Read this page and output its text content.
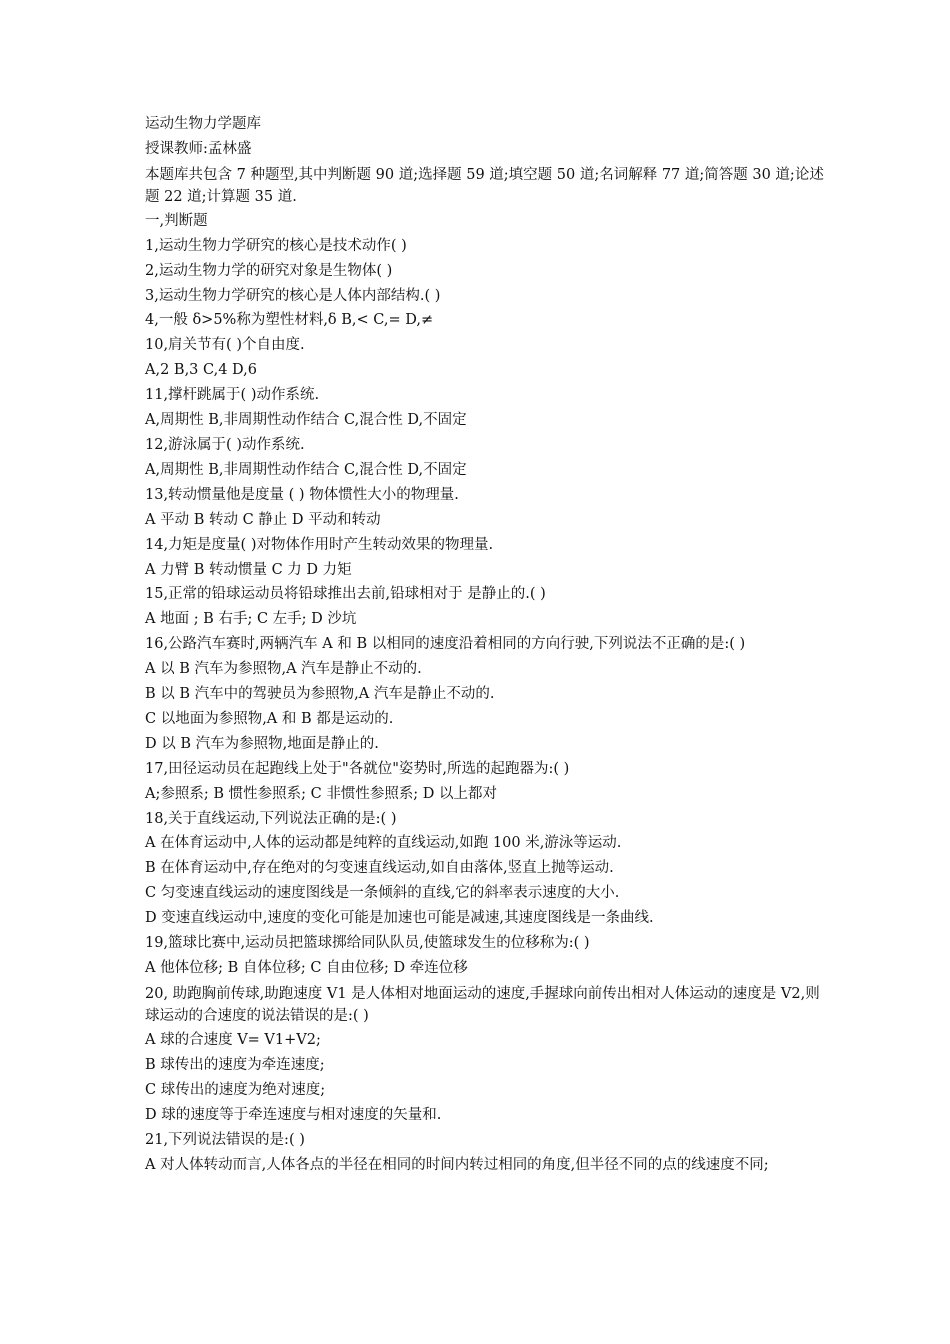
运动生物力学题库
授课教师:孟林盛
本题库共包含 7 种题型,其中判断题 90 道;选择题 59 道;填空题 50 道;名词解释 77 道;简答题 30 道;论述题 22 道;计算题 35 道.
一,判断题
1,运动生物力学研究的核心是技术动作( )
2,运动生物力学的研究对象是生物体( )
3,运动生物力学研究的核心是人体内部结构.( )
4,一般 δ>5%称为塑性材料,δ B,< C,= D,≠
10,肩关节有( )个自由度.
A,2 B,3 C,4 D,6
11,撑杆跳属于( )动作系统.
A,周期性 B,非周期性动作结合 C,混合性 D,不固定
12,游泳属于( )动作系统.
A,周期性 B,非周期性动作结合 C,混合性 D,不固定
13,转动惯量他是度量 ( ) 物体惯性大小的物理量.
A 平动 B 转动 C 静止 D 平动和转动
14,力矩是度量( )对物体作用时产生转动效果的物理量.
A 力臂 B 转动惯量 C 力 D 力矩
15,正常的铅球运动员将铅球推出去前,铅球相对于 是静止的.( )
A 地面 ; B 右手; C 左手; D 沙坑
16,公路汽车赛时,两辆汽车 A 和 B 以相同的速度沿着相同的方向行驶,下列说法不正确的是:( )
A 以 B 汽车为参照物,A 汽车是静止不动的.
B 以 B 汽车中的驾驶员为参照物,A 汽车是静止不动的.
C 以地面为参照物,A 和 B 都是运动的.
D 以 B 汽车为参照物,地面是静止的.
17,田径运动员在起跑线上处于"各就位"姿势时,所选的起跑器为:( )
A;参照系; B 惯性参照系; C 非惯性参照系; D 以上都对
18,关于直线运动,下列说法正确的是:( )
A 在体育运动中,人体的运动都是纯粹的直线运动,如跑 100 米,游泳等运动.
B 在体育运动中,存在绝对的匀变速直线运动,如自由落体,竖直上抛等运动.
C 匀变速直线运动的速度图线是一条倾斜的直线,它的斜率表示速度的大小.
D 变速直线运动中,速度的变化可能是加速也可能是减速,其速度图线是一条曲线.
19,篮球比赛中,运动员把篮球掷给同队队员,使篮球发生的位移称为:( )
A 他体位移; B 自体位移; C 自由位移; D 牵连位移
20, 助跑胸前传球,助跑速度 V1 是人体相对地面运动的速度,手握球向前传出相对人体运动的速度是 V2,则球运动的合速度的说法错误的是:( )
A 球的合速度 V= V1+V2;
B 球传出的速度为牵连速度;
C 球传出的速度为绝对速度;
D 球的速度等于牵连速度与相对速度的矢量和.
21,下列说法错误的是:( )
A 对人体转动而言,人体各点的半径在相同的时间内转过相同的角度,但半径不同的点的线速度不同;
